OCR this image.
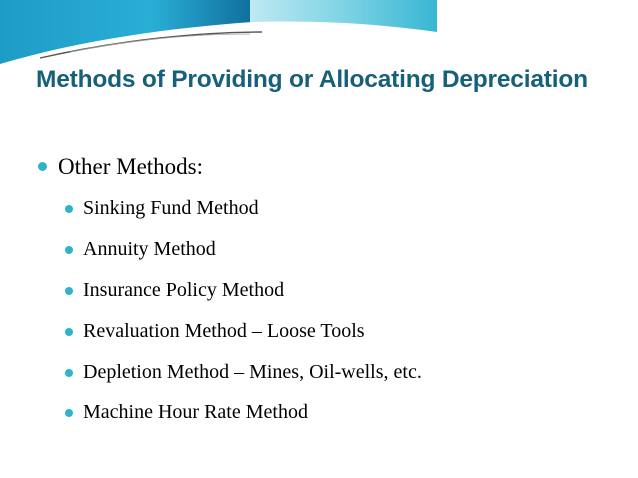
Methods of Providing or Allocating Depreciation
Other Methods:
Sinking Fund Method
Annuity Method
Insurance Policy Method
Revaluation Method – Loose Tools
Depletion Method – Mines, Oil-wells, etc.
Machine Hour Rate Method
